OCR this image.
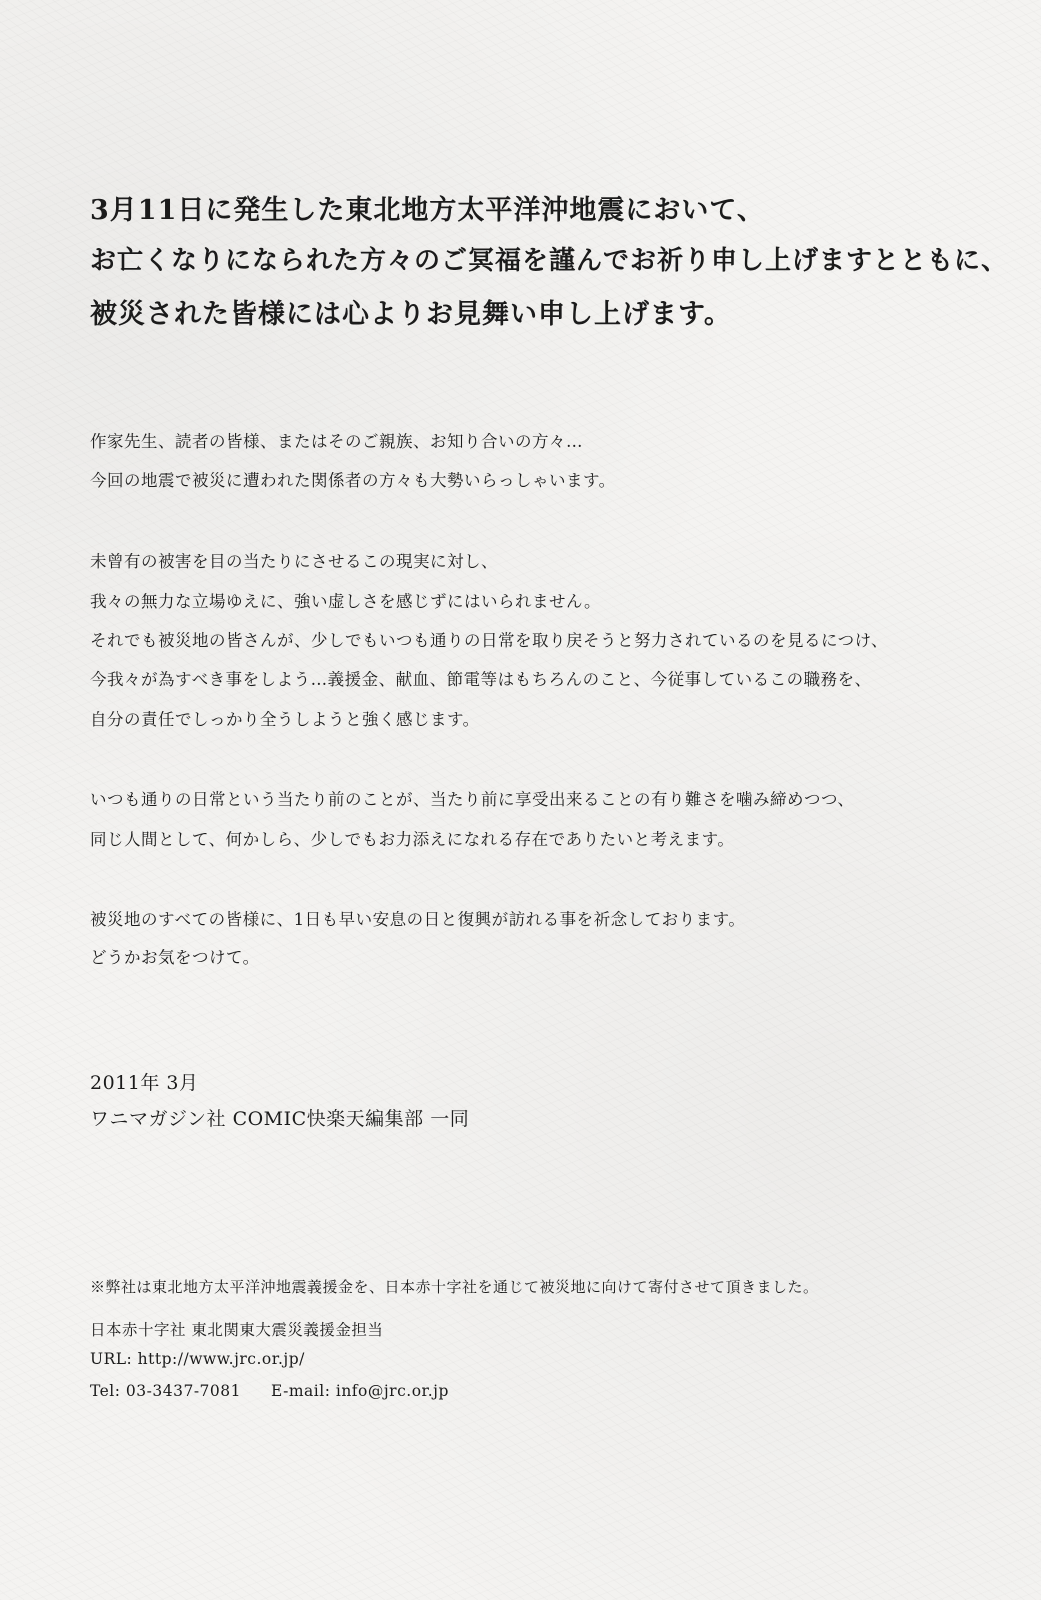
3月11日に発生した東北地方太平洋沖地震において、

お亡くなりになられた方々のご冥福を謹んでお祈り申し上げますとともに、

被災された皆様には心よりお見舞い申し上げます。

作家先生、読者の皆様、またはそのご親族、お知り合いの方々…

今回の地震で被災に遭われた関係者の方々も大勢いらっしゃいます。

未曾有の被害を目の当たりにさせるこの現実に対し、

我々の無力な立場ゆえに、強い虚しさを感じずにはいられません。

それでも被災地の皆さんが、少しでもいつも通りの日常を取り戻そうと努力されているのを見るにつけ、

今我々が為すべき事をしよう…義援金、献血、節電等はもちろんのこと、今従事しているこの職務を、

自分の責任でしっかり全うしようと強く感じます。

いつも通りの日常という当たり前のことが、当たり前に享受出来ることの有り難さを噛み締めつつ、

同じ人間として、何かしら、少しでもお力添えになれる存在でありたいと考えます。

被災地のすべての皆様に、1日も早い安息の日と復興が訪れる事を祈念しております。

どうかお気をつけて。

2011年 3月

ワニマガジン社 COMIC快楽天編集部 一同

※弊社は東北地方太平洋沖地震義援金を、日本赤十字社を通じて被災地に向けて寄付させて頂きました。

日本赤十字社 東北関東大震災義援金担当

URL: http://www.jrc.or.jp/

Tel: 03-3437-7081 E-mail: info@jrc.or.jp
